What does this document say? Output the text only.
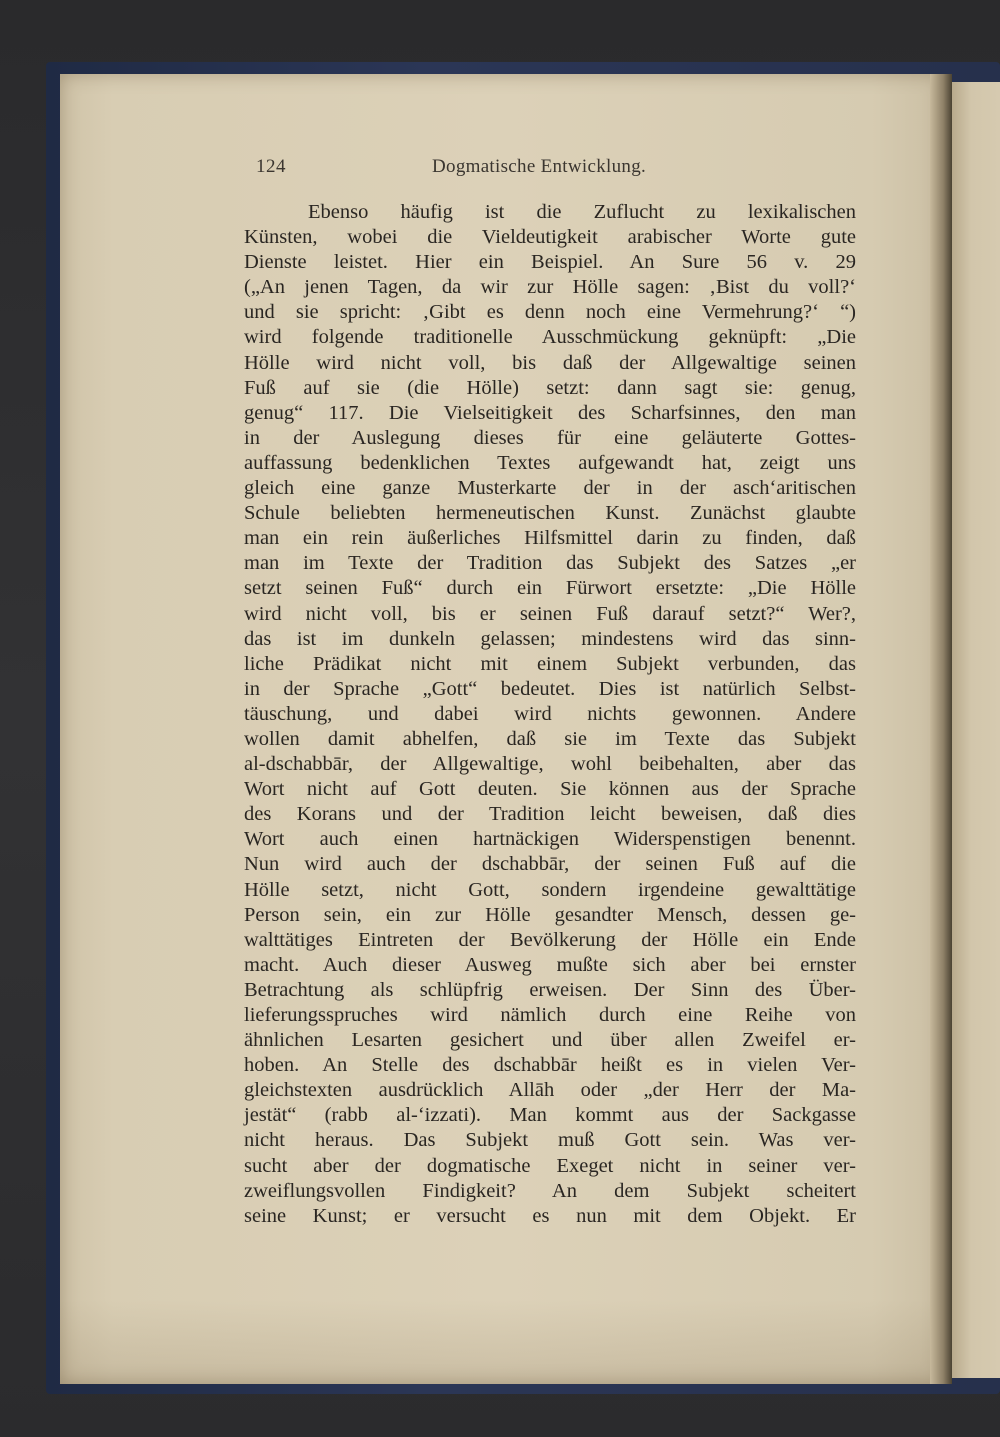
124	Dogmatische Entwicklung.
Ebenso häufig ist die Zuflucht zu lexikalischen
Künsten, wobei die Vieldeutigkeit arabischer Worte gute
Dienste leistet. Hier ein Beispiel. An Sure 56 v. 29
(„An jenen Tagen, da wir zur Hölle sagen: ‚Bist du voll?‘
und sie spricht: ‚Gibt es denn noch eine Vermehrung?‘ “)
wird folgende traditionelle Ausschmückung geknüpft: „Die
Hölle wird nicht voll, bis daß der Allgewaltige seinen
Fuß auf sie (die Hölle) setzt: dann sagt sie: genug,
genug“ 117. Die Vielseitigkeit des Scharfsinnes, den man
in der Auslegung dieses für eine geläuterte Gottes-
auffassung bedenklichen Textes aufgewandt hat, zeigt uns
gleich eine ganze Musterkarte der in der asch‘aritischen
Schule beliebten hermeneutischen Kunst. Zunächst glaubte
man ein rein äußerliches Hilfsmittel darin zu finden, daß
man im Texte der Tradition das Subjekt des Satzes „er
setzt seinen Fuß“ durch ein Fürwort ersetzte: „Die Hölle
wird nicht voll, bis er seinen Fuß darauf setzt?“ Wer?,
das ist im dunkeln gelassen; mindestens wird das sinn-
liche Prädikat nicht mit einem Subjekt verbunden, das
in der Sprache „Gott“ bedeutet. Dies ist natürlich Selbst-
täuschung, und dabei wird nichts gewonnen. Andere
wollen damit abhelfen, daß sie im Texte das Subjekt
al-dschabbār, der Allgewaltige, wohl beibehalten, aber das
Wort nicht auf Gott deuten. Sie können aus der Sprache
des Korans und der Tradition leicht beweisen, daß dies
Wort auch einen hartnäckigen Widerspenstigen benennt.
Nun wird auch der dschabbār, der seinen Fuß auf die
Hölle setzt, nicht Gott, sondern irgendeine gewalttätige
Person sein, ein zur Hölle gesandter Mensch, dessen ge-
walttätiges Eintreten der Bevölkerung der Hölle ein Ende
macht. Auch dieser Ausweg mußte sich aber bei ernster
Betrachtung als schlüpfrig erweisen. Der Sinn des Über-
lieferungsspruches wird nämlich durch eine Reihe von
ähnlichen Lesarten gesichert und über allen Zweifel er-
hoben. An Stelle des dschabbār heißt es in vielen Ver-
gleichstexten ausdrücklich Allāh oder „der Herr der Ma-
jestät“ (rabb al-‘izzati). Man kommt aus der Sackgasse
nicht heraus. Das Subjekt muß Gott sein. Was ver-
sucht aber der dogmatische Exeget nicht in seiner ver-
zweiflungsvollen Findigkeit? An dem Subjekt scheitert
seine Kunst; er versucht es nun mit dem Objekt. Er
